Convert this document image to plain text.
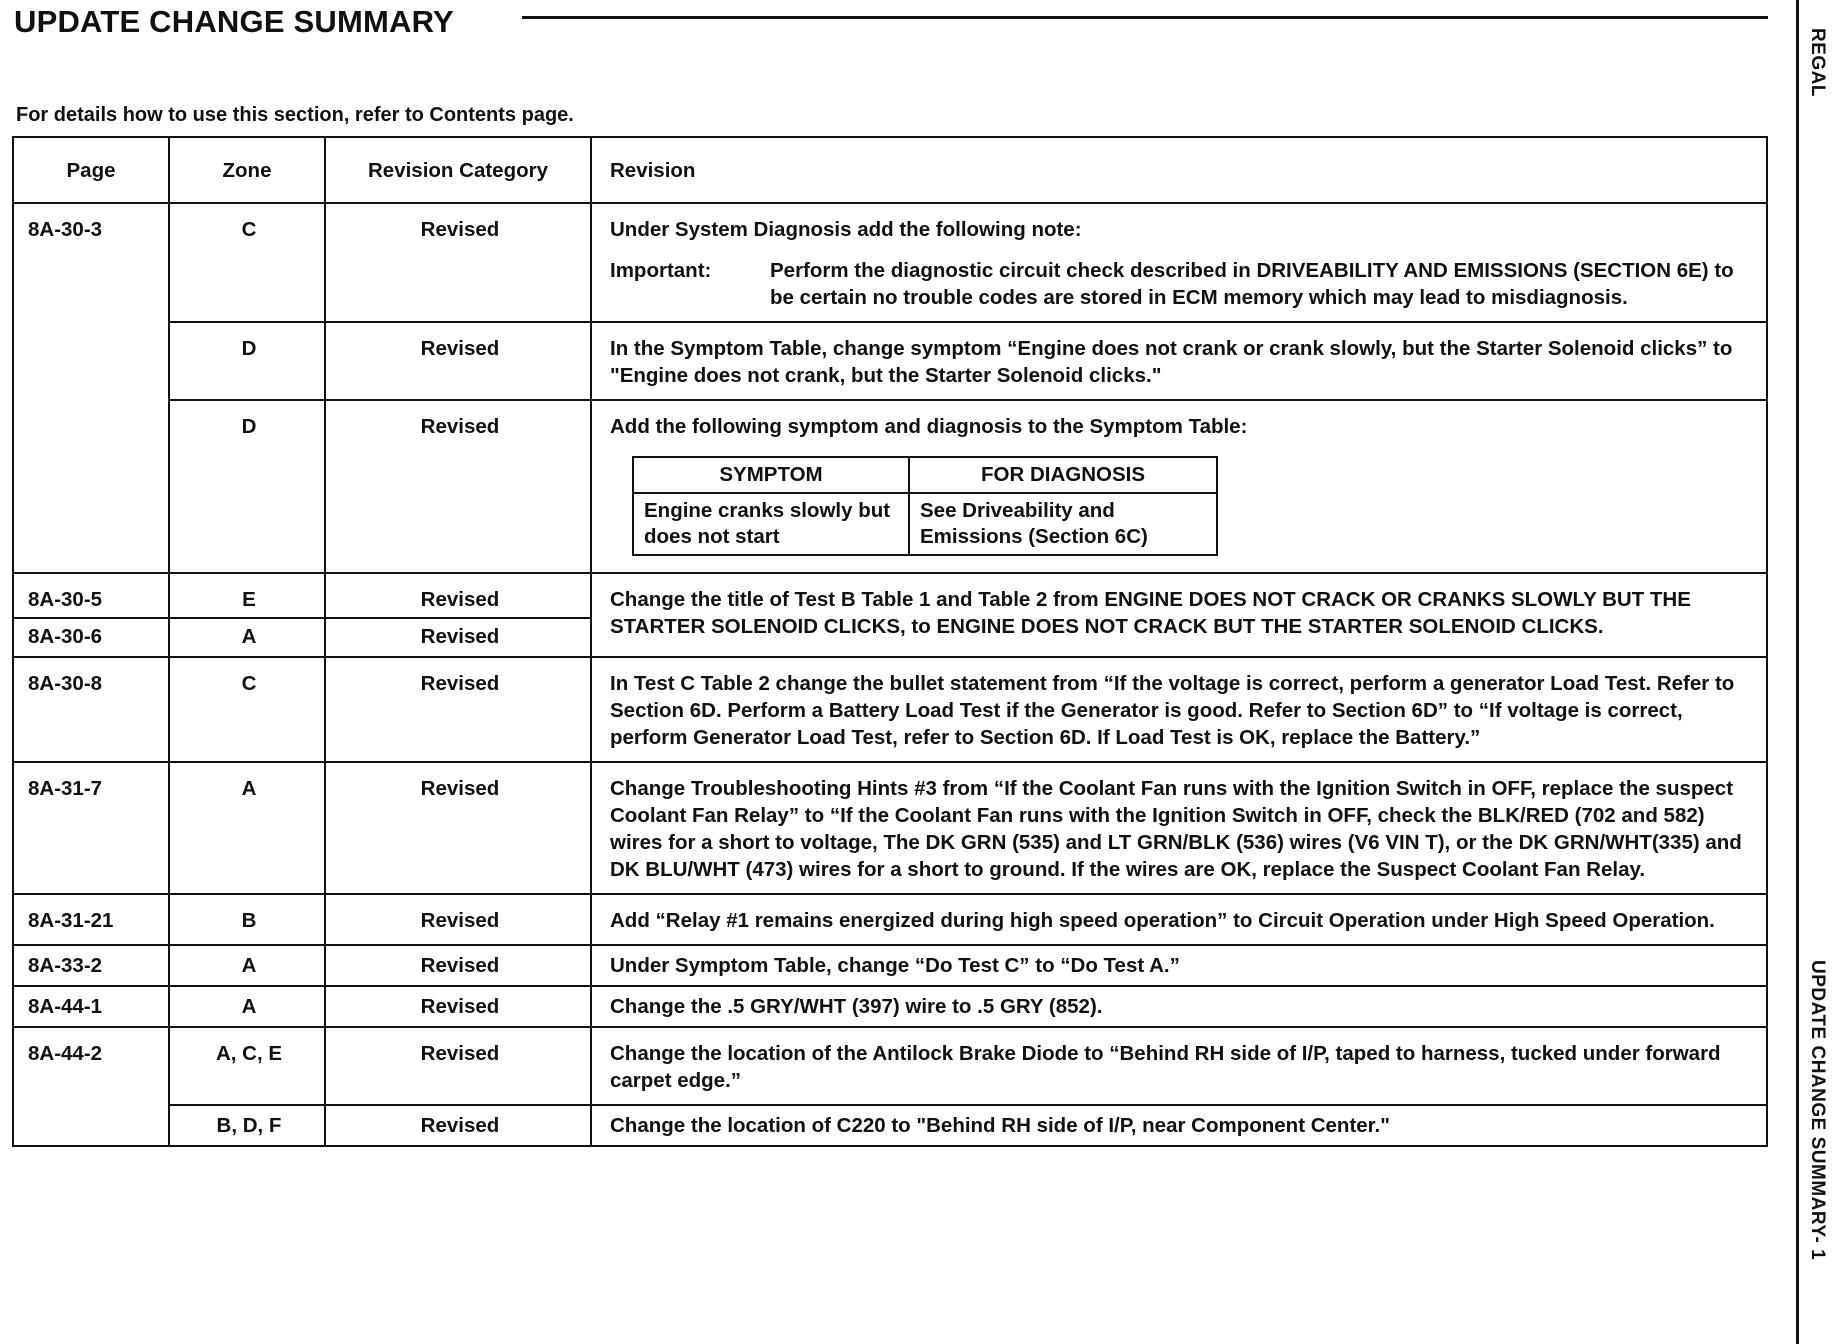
UPDATE CHANGE SUMMARY
REGAL
UPDATE CHANGE SUMMARY- 1
For details how to use this section, refer to Contents page.
Page	Zone	Revision Category	Revision
8A-30-3	C	Revised	Under System Diagnosis add the following note:
Important:	Perform the diagnostic circuit check described in DRIVEABILITY AND EMISSIONS (SECTION 6E) to be certain no trouble codes are stored in ECM memory which may lead to misdiagnosis.

D	Revised	In the Symptom Table, change symptom “Engine does not crank or crank slowly, but the Starter Solenoid clicks” to "Engine does not crank, but the Starter Solenoid clicks."
D	Revised	Add the following symptom and diagnosis to the Symptom Table:
SYMPTOM	FOR DIAGNOSIS
Engine cranks slowly but does not start	See Driveability and Emissions (Section 6C)

8A-30-5	E	Revised	Change the title of Test B Table 1 and Table 2 from ENGINE DOES NOT CRACK OR CRANKS SLOWLY BUT THE STARTER SOLENOID CLICKS, to ENGINE DOES NOT CRACK BUT THE STARTER SOLENOID CLICKS.
8A-30-6	A	Revised
8A-30-8	C	Revised	In Test C Table 2 change the bullet statement from “If the voltage is correct, perform a generator Load Test. Refer to Section 6D. Perform a Battery Load Test if the Generator is good. Refer to Section 6D” to “If voltage is correct, perform Generator Load Test, refer to Section 6D. If Load Test is OK, replace the Battery.”
8A-31-7	A	Revised	Change Troubleshooting Hints #3 from “If the Coolant Fan runs with the Ignition Switch in OFF, replace the suspect Coolant Fan Relay” to “If the Coolant Fan runs with the Ignition Switch in OFF, check the BLK/RED (702 and 582) wires for a short to voltage, The DK GRN (535) and LT GRN/BLK (536) wires (V6 VIN T), or the DK GRN/WHT(335) and DK BLU/WHT (473) wires for a short to ground. If the wires are OK, replace the Suspect Coolant Fan Relay.
8A-31-21	B	Revised	Add “Relay #1 remains energized during high speed operation” to Circuit Operation under High Speed Operation.
8A-33-2	A	Revised	Under Symptom Table, change “Do Test C” to “Do Test A.”
8A-44-1	A	Revised	Change the .5 GRY/WHT (397) wire to .5 GRY (852).
8A-44-2	A, C, E	Revised	Change the location of the Antilock Brake Diode to “Behind RH side of I/P, taped to harness, tucked under forward carpet edge.”
B, D, F	Revised	Change the location of C220 to "Behind RH side of I/P, near Component Center."
